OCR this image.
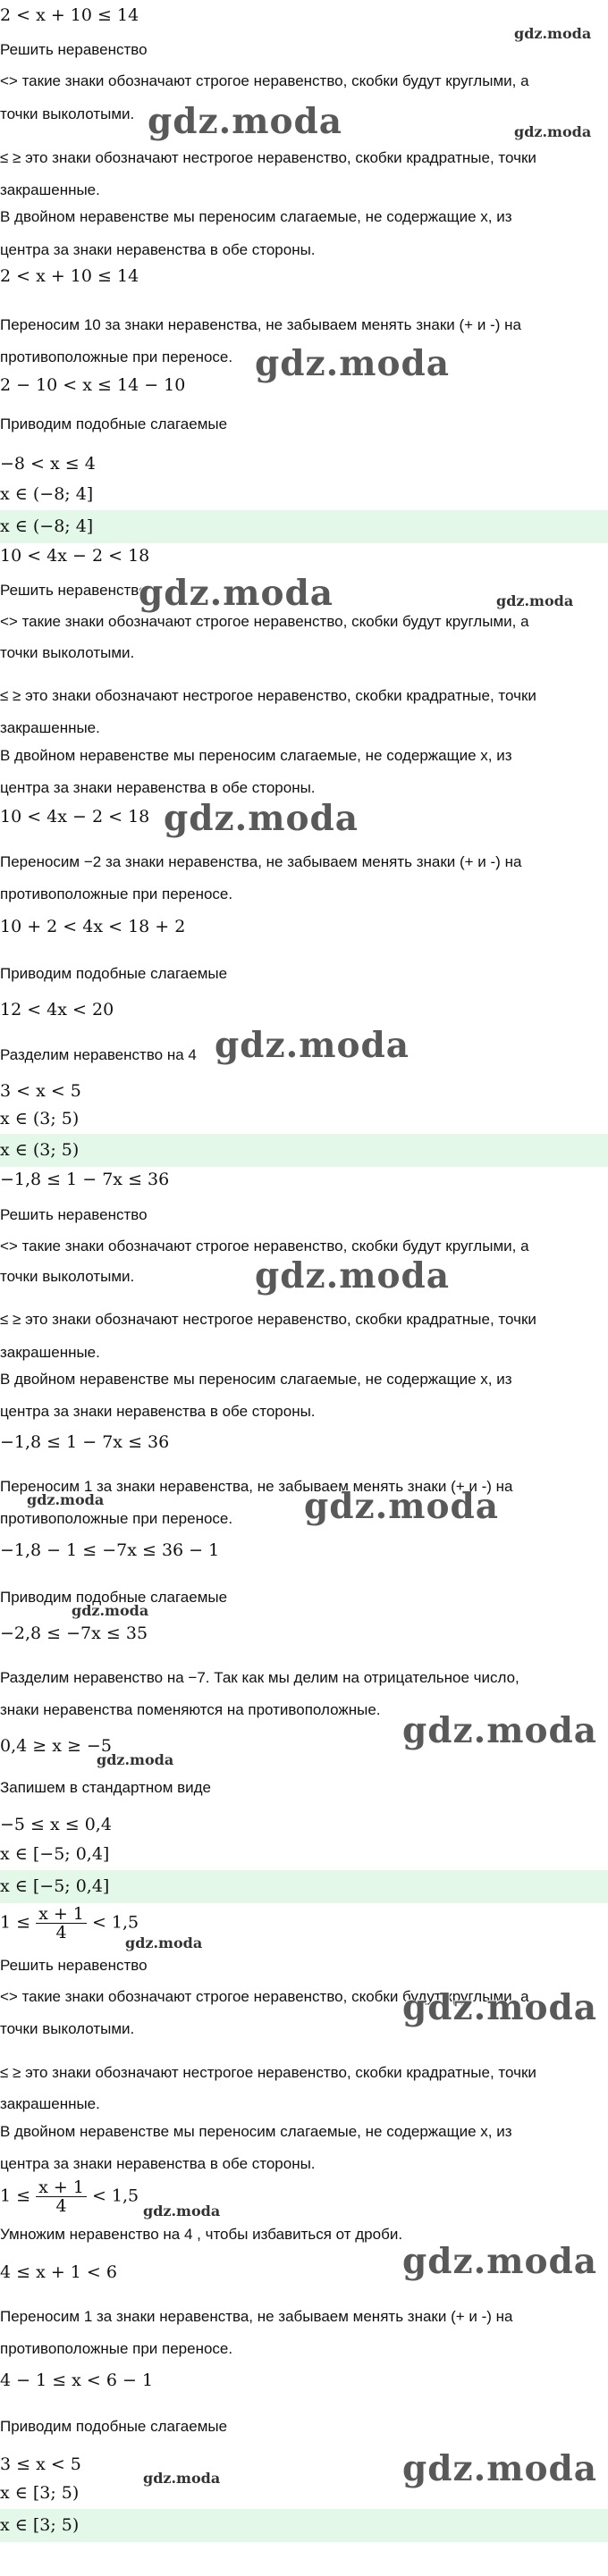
2 < x + 10 ≤ 14
Решить неравенство
<> такие знаки обозначают строгое неравенство, скобки будут круглыми, а
точки выколотыми.
≤ ≥ это знаки обозначают нестрогое неравенство, скобки крадратные, точки
закрашенные.
В двойном неравенстве мы переносим слагаемые, не содержащие x, из
центра за знаки неравенства в обе стороны.
2 < x + 10 ≤ 14
Переносим 10 за знаки неравенства, не забываем менять знаки (+ и -) на
противоположные при переносе.
2 − 10 < x ≤ 14 − 10
Приводим подобные слагаемые
−8 < x ≤ 4
x ∈ (−8; 4]
x ∈ (−8; 4]
10 < 4x − 2 < 18
Решить неравенство
<> такие знаки обозначают строгое неравенство, скобки будут круглыми, а
точки выколотыми.
≤ ≥ это знаки обозначают нестрогое неравенство, скобки крадратные, точки
закрашенные.
В двойном неравенстве мы переносим слагаемые, не содержащие x, из
центра за знаки неравенства в обе стороны.
10 < 4x − 2 < 18
Переносим −2 за знаки неравенства, не забываем менять знаки (+ и -) на
противоположные при переносе.
10 + 2 < 4x < 18 + 2
Приводим подобные слагаемые
12 < 4x < 20
Разделим неравенство на 4
3 < x < 5
x ∈ (3; 5)
x ∈ (3; 5)
−1,8 ≤ 1 − 7x ≤ 36
Решить неравенство
<> такие знаки обозначают строгое неравенство, скобки будут круглыми, а
точки выколотыми.
≤ ≥ это знаки обозначают нестрогое неравенство, скобки крадратные, точки
закрашенные.
В двойном неравенстве мы переносим слагаемые, не содержащие x, из
центра за знаки неравенства в обе стороны.
−1,8 ≤ 1 − 7x ≤ 36
Переносим 1 за знаки неравенства, не забываем менять знаки (+ и -) на
противоположные при переносе.
−1,8 − 1 ≤ −7x ≤ 36 − 1
Приводим подобные слагаемые
−2,8 ≤ −7x ≤ 35
Разделим неравенство на −7. Так как мы делим на отрицательное число,
знаки неравенства поменяются на противоположные.
0,4 ≥ x ≥ −5
Запишем в стандартном виде
−5 ≤ x ≤ 0,4
x ∈ [−5; 0,4]
x ∈ [−5; 0,4]
$1 \le \frac{x + 1}{4} < 1,5$
Решить неравенство
<> такие знаки обозначают строгое неравенство, скобки будут круглыми, а
точки выколотыми.
≤ ≥ это знаки обозначают нестрогое неравенство, скобки крадратные, точки
закрашенные.
В двойном неравенстве мы переносим слагаемые, не содержащие x, из
центра за знаки неравенства в обе стороны.
$1 \le \frac{x + 1}{4} < 1,5$
Умножим неравенство на 4 , чтобы избавиться от дроби.
4 ≤ x + 1 < 6
Переносим 1 за знаки неравенства, не забываем менять знаки (+ и -) на
противоположные при переносе.
4 − 1 ≤ x < 6 − 1
Приводим подобные слагаемые
3 ≤ x < 5
x ∈ [3; 5)
x ∈ [3; 5)
gdz.moda
gdz.moda	gdz.moda
gdz.moda
gdz.moda	gdz.moda
gdz.moda
gdz.moda
gdz.moda
gdz.moda	gdz.moda
gdz.moda
gdz.moda
gdz.moda
gdz.moda
gdz.moda
gdz.moda
gdz.moda
gdz.moda
gdz.moda
